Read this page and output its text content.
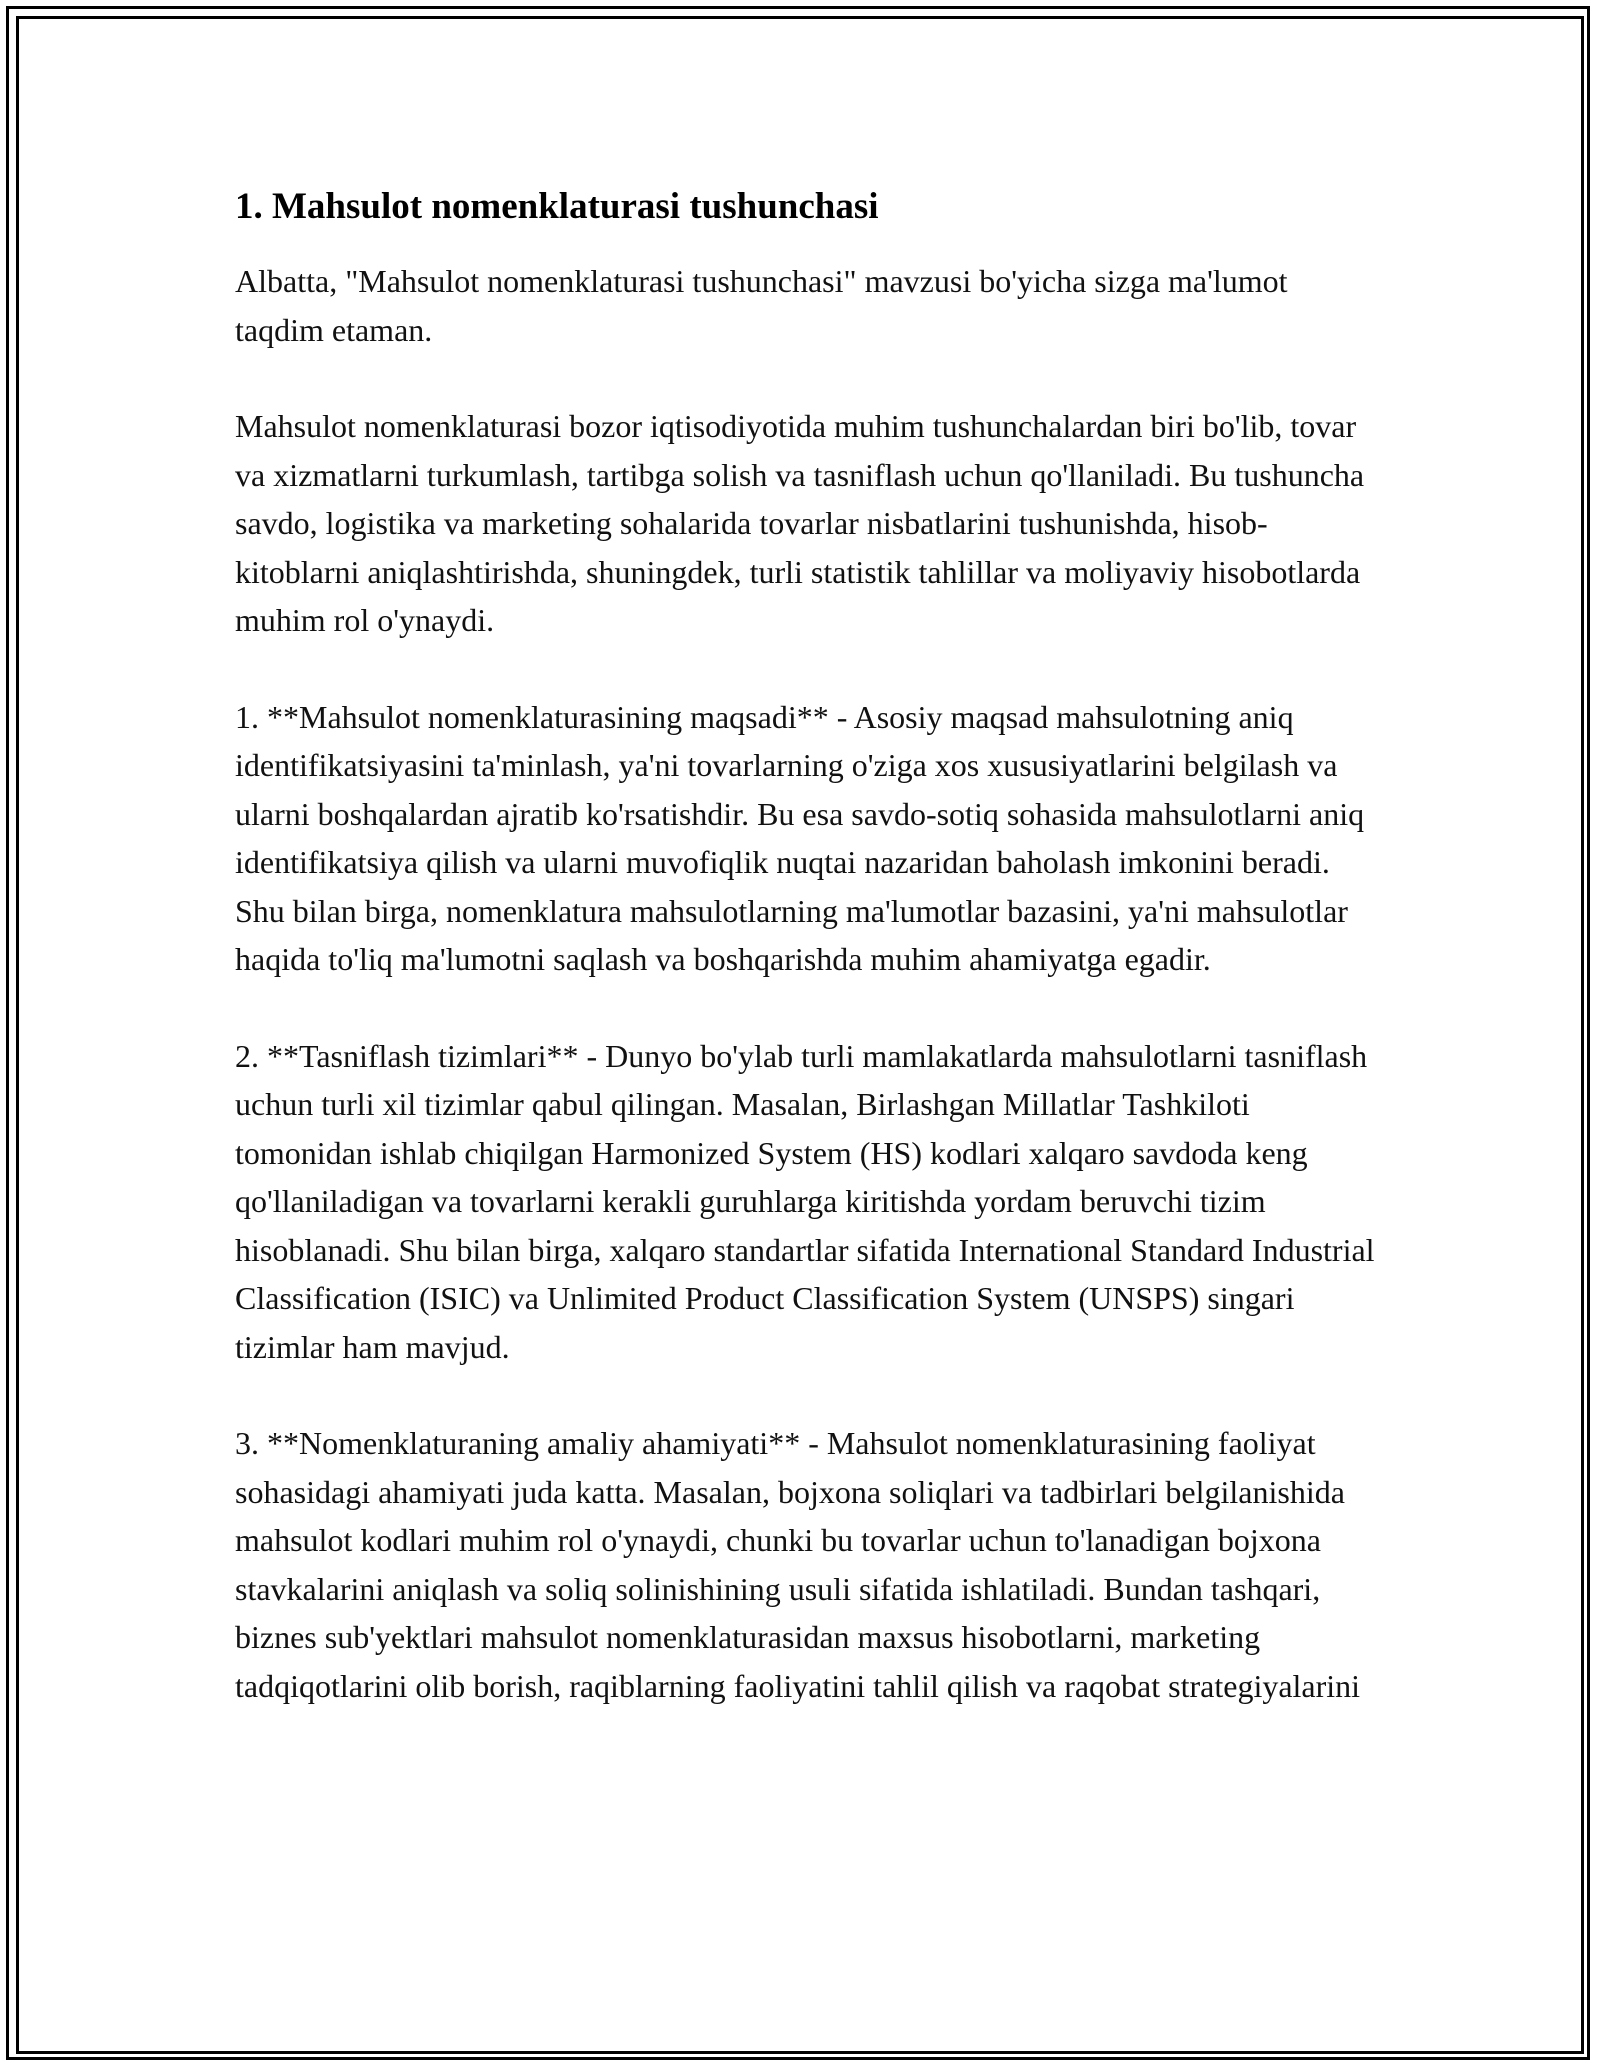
1. Mahsulot nomenklaturasi tushunchasi

Albatta, "Mahsulot nomenklaturasi tushunchasi" mavzusi bo'yicha sizga ma'lumot taqdim etaman.

Mahsulot nomenklaturasi bozor iqtisodiyotida muhim tushunchalardan biri bo'lib, tovar va xizmatlarni turkumlash, tartibga solish va tasniflash uchun qo'llaniladi. Bu tushuncha savdo, logistika va marketing sohalarida tovarlar nisbatlarini tushunishda, hisob-kitoblarni aniqlashtirishda, shuningdek, turli statistik tahlillar va moliyaviy hisobotlarda muhim rol o'ynaydi.

1. **Mahsulot nomenklaturasining maqsadi** - Asosiy maqsad mahsulotning aniq identifikatsiyasini ta'minlash, ya'ni tovarlarning o'ziga xos xususiyatlarini belgilash va ularni boshqalardan ajratib ko'rsatishdir. Bu esa savdo-sotiq sohasida mahsulotlarni aniq identifikatsiya qilish va ularni muvofiqlik nuqtai nazaridan baholash imkonini beradi. Shu bilan birga, nomenklatura mahsulotlarning ma'lumotlar bazasini, ya'ni mahsulotlar haqida to'liq ma'lumotni saqlash va boshqarishda muhim ahamiyatga egadir.

2. **Tasniflash tizimlari** - Dunyo bo'ylab turli mamlakatlarda mahsulotlarni tasniflash uchun turli xil tizimlar qabul qilingan. Masalan, Birlashgan Millatlar Tashkiloti tomonidan ishlab chiqilgan Harmonized System (HS) kodlari xalqaro savdoda keng qo'llaniladigan va tovarlarni kerakli guruhlarga kiritishda yordam beruvchi tizim hisoblanadi. Shu bilan birga, xalqaro standartlar sifatida International Standard Industrial Classification (ISIC) va Unlimited Product Classification System (UNSPS) singari tizimlar ham mavjud.

3. **Nomenklaturaning amaliy ahamiyati** - Mahsulot nomenklaturasining faoliyat sohasidagi ahamiyati juda katta. Masalan, bojxona soliqlari va tadbirlari belgilanishida mahsulot kodlari muhim rol o'ynaydi, chunki bu tovarlar uchun to'lanadigan bojxona stavkalarini aniqlash va soliq solinishining usuli sifatida ishlatiladi. Bundan tashqari, biznes sub'yektlari mahsulot nomenklaturasidan maxsus hisobotlarni, marketing tadqiqotlarini olib borish, raqiblarning faoliyatini tahlil qilish va raqobat strategiyalarini
